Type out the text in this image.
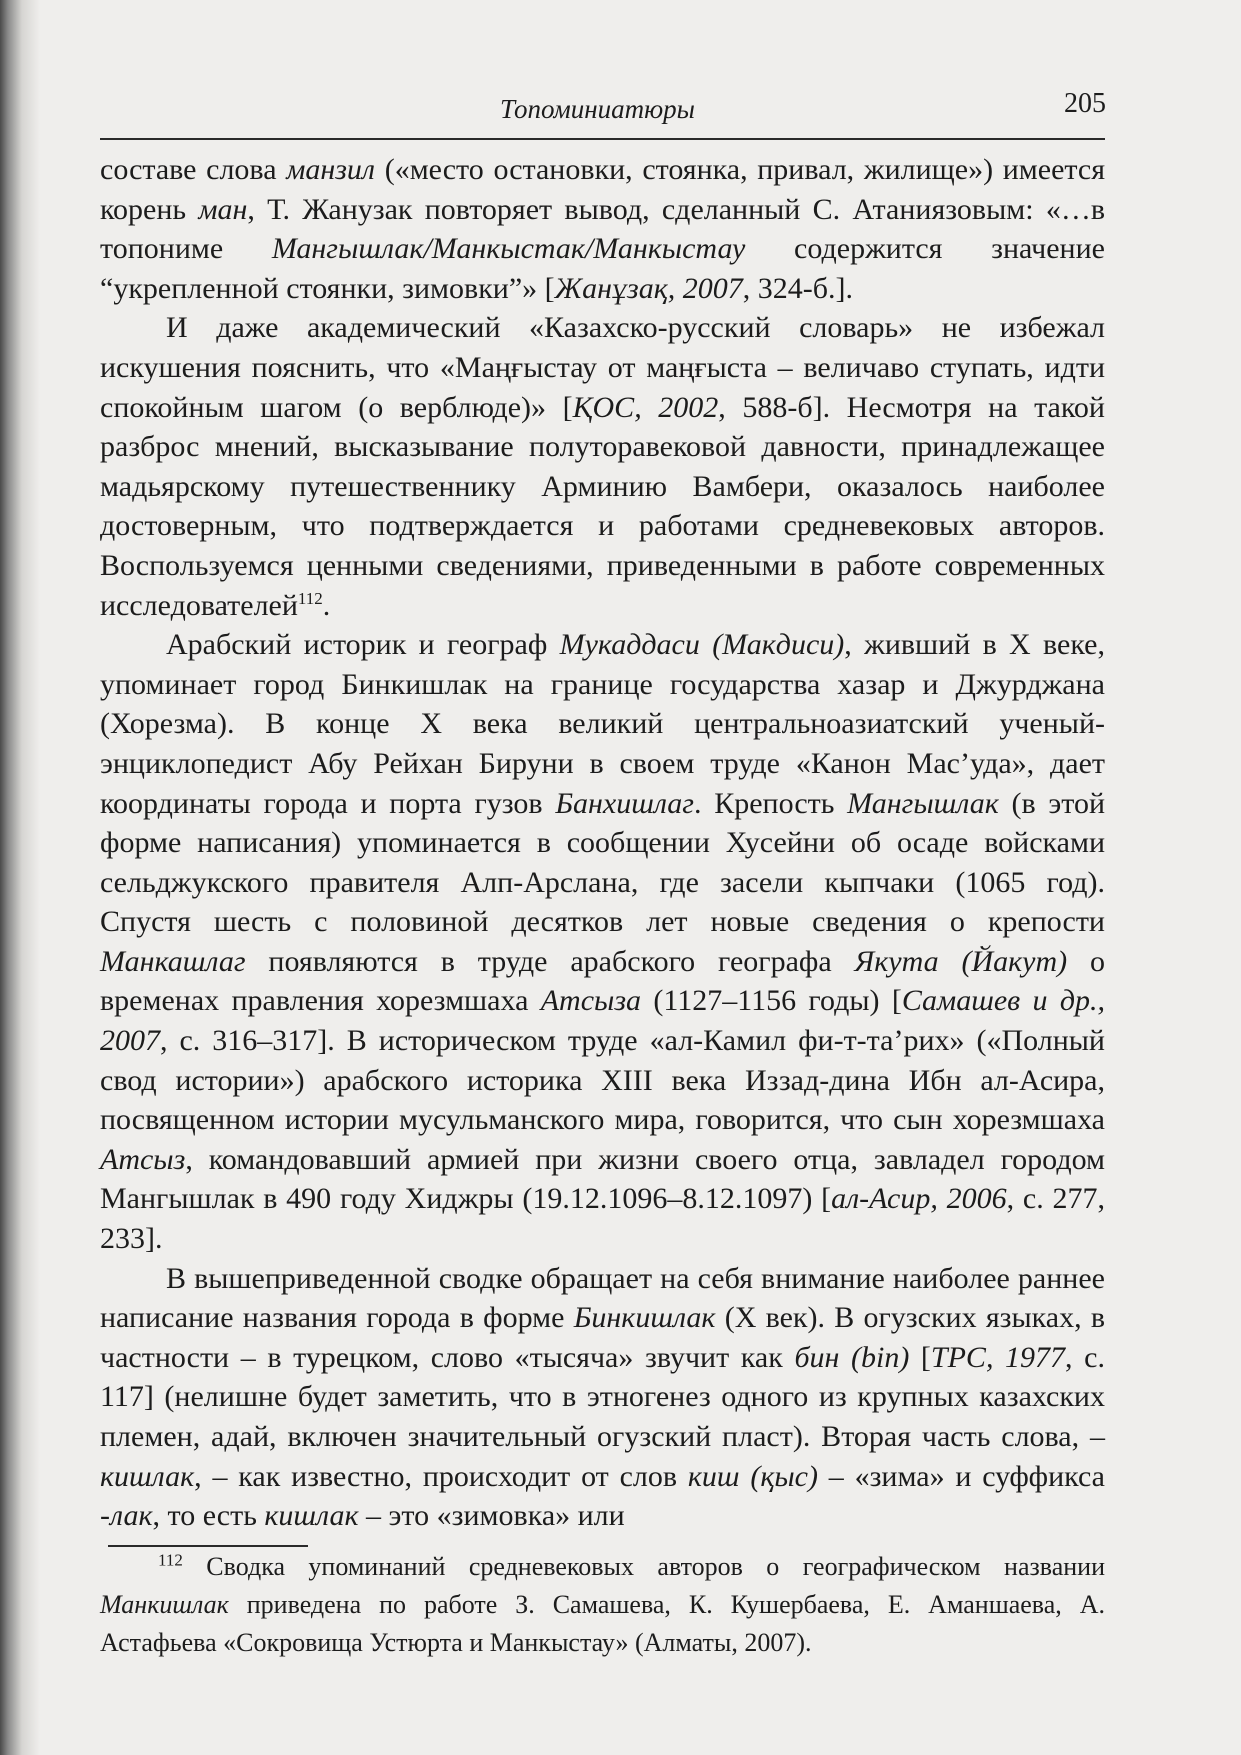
Топоминиатюры	205

составе слова манзил («место остановки, стоянка, привал, жилище») имеется корень ман, Т. Жанузак повторяет вывод, сделанный С. Атаниязовым: «…в топониме Мангышлак/Манкыстак/Манкыстау содержится значение “укрепленной стоянки, зимовки”» [Жанұзақ, 2007, 324-б.].

И даже академический «Казахско-русский словарь» не избежал искушения пояснить, что «Маңғыстау от маңғыста – величаво ступать, идти спокойным шагом (о верблюде)» [ҚОС, 2002, 588-б]. Несмотря на такой разброс мнений, высказывание полуторавековой давности, принадлежащее мадьярскому путешественнику Арминию Вамбери, оказалось наиболее достоверным, что подтверждается и работами средневековых авторов. Воспользуемся ценными сведениями, приведенными в работе современных исследователей$^{112}$.

Арабский историк и географ Мукаддаси (Макдиси), живший в X веке, упоминает город Бинкишлак на границе государства хазар и Джурджана (Хорезма). В конце X века великий центральноазиатский ученый-энциклопедист Абу Рейхан Бируни в своем труде «Канон Мас’уда», дает координаты города и порта гузов Банхишлаг. Крепость Мангышлак (в этой форме написания) упоминается в сообщении Хусейни об осаде войсками сельджукского правителя Алп-Арслана, где засели кыпчаки (1065 год). Спустя шесть с половиной десятков лет новые сведения о крепости Манкашлаг появляются в труде арабского географа Якута (Йакут) о временах правления хорезмшаха Атсыза (1127–1156 годы) [Самашев и др., 2007, с. 316–317]. В историческом труде «ал-Камил фи-т-та’рих» («Полный свод истории») арабского историка XIII века Иззад-дина Ибн ал-Асира, посвященном истории мусульманского мира, говорится, что сын хорезмшаха Атсыз, командовавший армией при жизни своего отца, завладел городом Мангышлак в 490 году Хиджры (19.12.1096–8.12.1097) [ал-Асир, 2006, с. 277, 233].

В вышеприведенной сводке обращает на себя внимание наиболее раннее написание названия города в форме Бинкишлак (X век). В огузских языках, в частности – в турецком, слово «тысяча» звучит как бин (bin) [ТРС, 1977, с. 117] (нелишне будет заметить, что в этногенез одного из крупных казахских племен, адай, включен значительный огузский пласт). Вторая часть слова, – кишлак, – как известно, происходит от слов киш (қыс) – «зима» и суффикса -лак, то есть кишлак – это «зимовка» или

$^{112}$ Сводка упоминаний средневековых авторов о географическом названии Манкишлак приведена по работе З. Самашева, К. Кушербаева, Е. Аманшаева, А. Астафьева «Сокровища Устюрта и Манкыстау» (Алматы, 2007).
